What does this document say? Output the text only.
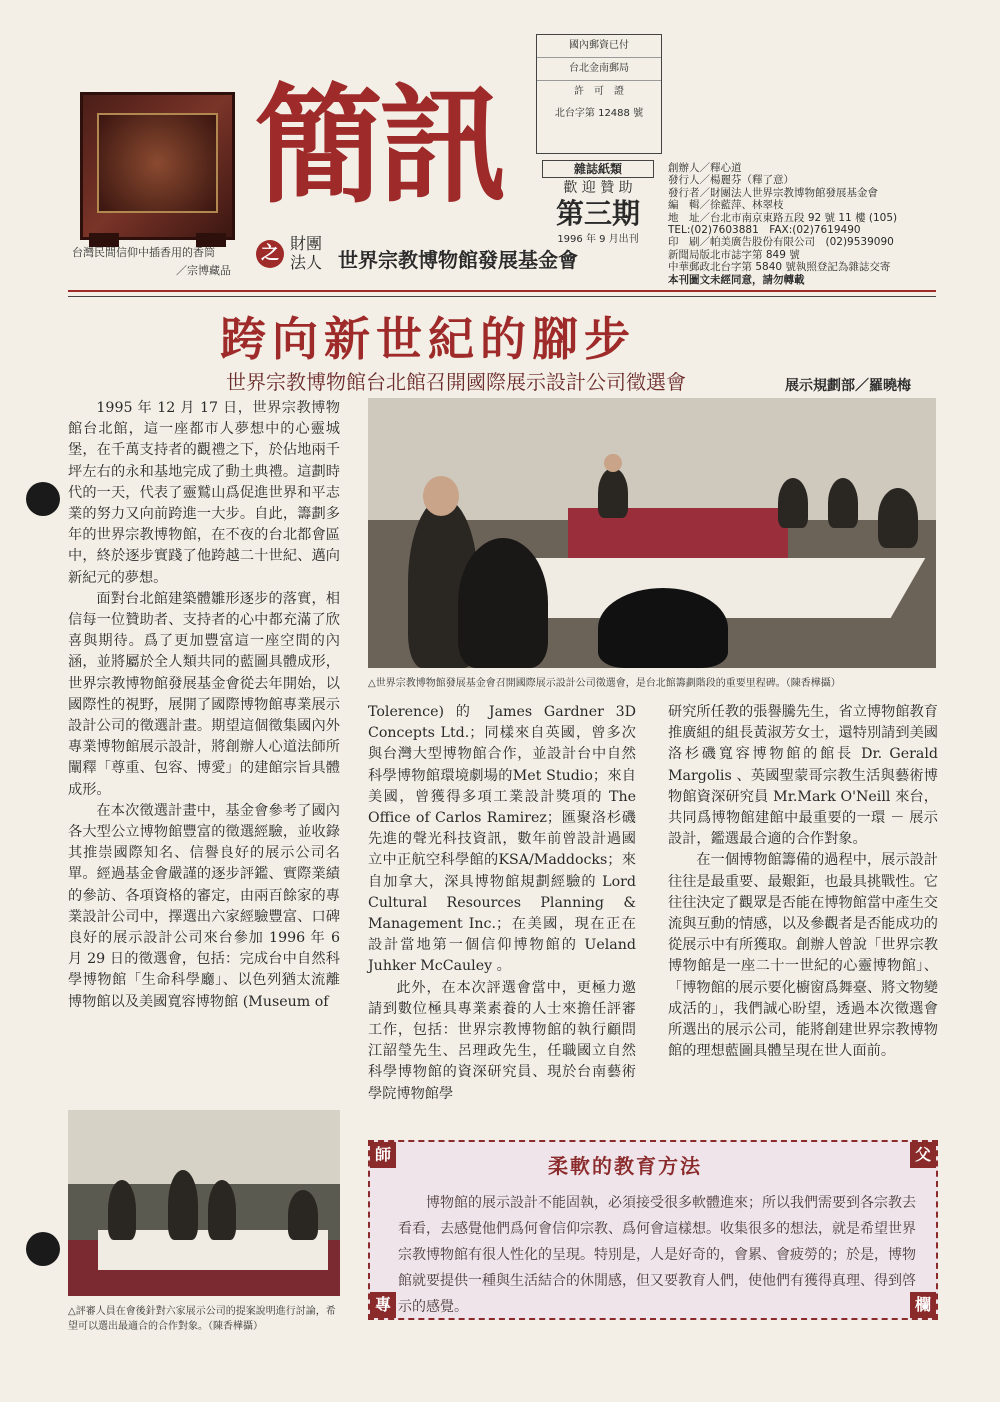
台灣民間信仰中插香用的香筒
／宗博藏品
簡訊
之 財團法人 世界宗教博物館發展基金會
國內郵資已付
台北金南郵局
許　可　證
北台字第 12488 號
雜誌紙類
歡 迎 贊 助
第三期
1996 年 9 月出刊
創辦人／釋心道
發行人／楊麗芬（釋了意）
發行者／財團法人世界宗教博物館發展基金會
編　輯／徐藍萍、林翠枝
地　址／台北市南京東路五段 92 號 11 樓 (105)
TEL:(02)7603881　FAX:(02)7619490
印　刷／帕美廣告股份有限公司　(02)9539090
新聞局版北市誌字第 849 號
中華郵政北台字第 5840 號執照登記為雜誌交寄
本刊圖文未經同意，請勿轉載
跨向新世紀的腳步
世界宗教博物館台北館召開國際展示設計公司徵選會	展示規劃部／羅曉梅

1995 年 12 月 17 日，世界宗教博物館台北館，這一座都市人夢想中的心靈城堡，在千萬支持者的觀禮之下，於佔地兩千坪左右的永和基地完成了動土典禮。這劃時代的一天，代表了靈鷲山爲促進世界和平志業的努力又向前跨進一大步。自此，籌劃多年的世界宗教博物館，在不夜的台北都會區中，終於逐步實踐了他跨越二十世紀、邁向新紀元的夢想。

面對台北館建築體雛形逐步的落實，相信每一位贊助者、支持者的心中都充滿了欣喜與期待。爲了更加豐富這一座空間的內涵，並將屬於全人類共同的藍圖具體成形，世界宗教博物館發展基金會從去年開始，以國際性的視野，展開了國際博物館專業展示設計公司的徵選計畫。期望這個徵集國內外專業博物館展示設計，將創辦人心道法師所闡釋「尊重、包容、博愛」的建館宗旨具體成形。

在本次徵選計畫中，基金會參考了國內各大型公立博物館豐富的徵選經驗，並收錄其推崇國際知名、信譽良好的展示公司名單。經過基金會嚴謹的逐步評鑑、實際業績的參訪、各項資格的審定，由兩百餘家的專業設計公司中，擇選出六家經驗豐富、口碑良好的展示設計公司來台參加 1996 年 6 月 29 日的徵選會，包括：完成台中自然科學博物館「生命科學廳」、以色列猶太流離博物館以及美國寬容博物館 (Museum of

△世界宗教博物館發展基金會召開國際展示設計公司徵選會，是台北館籌劃階段的重要里程碑。（陳香樺攝）

Tolerence) 的 James Gardner 3D Concepts Ltd.；同樣來自英國，曾多次與台灣大型博物館合作，並設計台中自然科學博物館環境劇場的Met Studio；來自美國，曾獲得多項工業設計獎項的 The Office of Carlos Ramirez；匯聚洛杉磯先進的聲光科技資訊，數年前曾設計過國立中正航空科學館的KSA/Maddocks；來自加拿大，深具博物館規劃經驗的 Lord Cultural Resources Planning & Management Inc.；在美國，現在正在設計當地第一個信仰博物館的 Ueland Juhker McCauley 。

此外，在本次評選會當中，更極力邀請到數位極具專業素養的人士來擔任評審工作，包括：世界宗教博物館的執行顧問江韶瑩先生、呂理政先生，任職國立自然科學博物館的資深研究員、現於台南藝術學院博物館學

研究所任教的張譽騰先生，省立博物館教育推廣組的組長黃淑芳女士，還特別請到美國洛杉磯寬容博物館的館長 Dr. Gerald Margolis 、英國聖蒙哥宗教生活與藝術博物館資深研究員 Mr.Mark O'Neill 來台，共同爲博物館建館中最重要的一環 － 展示設計，鑑選最合適的合作對象。

在一個博物館籌備的過程中，展示設計往往是最重要、最艱鉅，也最具挑戰性。它往往決定了觀眾是否能在博物館當中產生交流與互動的情感，以及參觀者是否能成功的從展示中有所獲取。創辦人曾說「世界宗教博物館是一座二十一世紀的心靈博物館」、「博物館的展示要化櫥窗爲舞臺、將文物變成活的」，我們誠心盼望，透過本次徵選會所選出的展示公司，能將創建世界宗教博物館的理想藍圖具體呈現在世人面前。

△評審人員在會後針對六家展示公司的提案說明進行討論，希望可以選出最適合的合作對象。（陳香樺攝）
師	父
專	欄
柔軟的教育方法

博物館的展示設計不能固執，必須接受很多軟體進來；所以我們需要到各宗教去看看，去感覺他們爲何會信仰宗教、爲何會這樣想。收集很多的想法，就是希望世界宗教博物館有很人性化的呈現。特別是，人是好奇的，會累、會疲勞的；於是，博物館就要提供一種與生活結合的休閒感，但又要教育人們，使他們有獲得真理、得到啓示的感覺。
